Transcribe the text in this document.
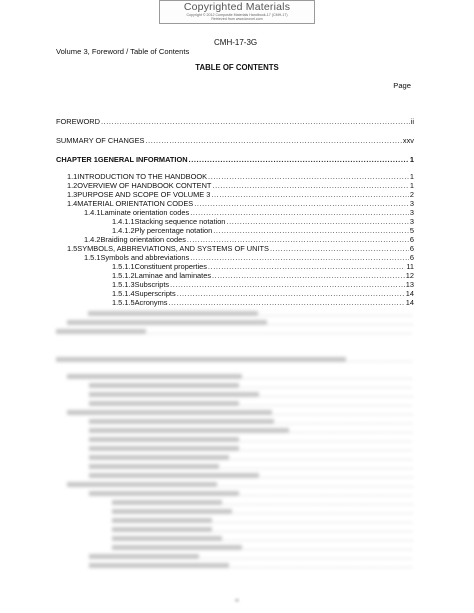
Copyrighted Materials
Copyright © 2012 Composite Materials Handbook-17 (CMH-17)
Retrieved from www.knovel.com
CMH-17-3G
Volume 3, Foreword / Table of Contents
TABLE OF CONTENTS
Page
FOREWORD .....	ii
SUMMARY OF CHANGES .....	xxv
CHAPTER 1 GENERAL INFORMATION .....	1
1.1 INTRODUCTION TO THE HANDBOOK .....	1
1.2 OVERVIEW OF HANDBOOK CONTENT .....	1
1.3 PURPOSE AND SCOPE OF VOLUME 3 .....	2
1.4 MATERIAL ORIENTATION CODES .....	3
1.4.1 Laminate orientation codes .....	3
1.4.1.1 Stacking sequence notation .....	3
1.4.1.2 Ply percentage notation .....	5
1.4.2 Braiding orientation codes .....	6
1.5 SYMBOLS, ABBREVIATIONS, AND SYSTEMS OF UNITS .....	6
1.5.1 Symbols and abbreviations .....	6
1.5.1.1 Constituent properties .....	11
1.5.1.2 Laminae and laminates .....	12
1.5.1.3 Subscripts .....	13
1.5.1.4 Superscripts .....	14
1.5.1.5 Acronyms .....	14
.....
.....
.....
.....
.....
.....
.....
.....
.....
.....
.....
.....
.....
.....
.....
.....
.....
.....
.....
.....
.....
.....
.....
.....
.....
.....
iii
